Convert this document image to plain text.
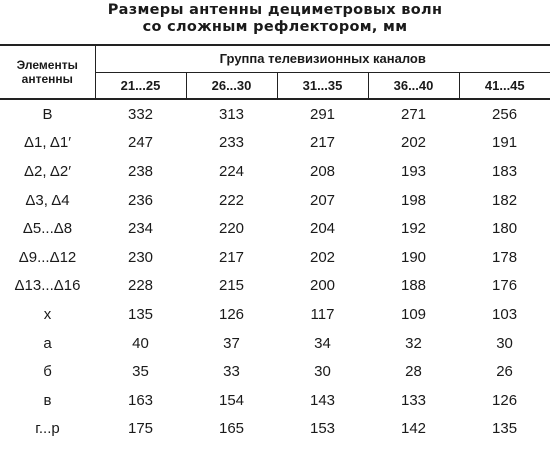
Размеры антенны дециметровых волн
со сложным рефлектором, мм
Элементы антенны	Группа телевизионных каналов				
	21...25	26...30	31...35	36...40	41...45
B	332	313	291	271	256
Δ1, Δ1′	247	233	217	202	191
Δ2, Δ2′	238	224	208	193	183
Δ3, Δ4	236	222	207	198	182
Δ5...Δ8	234	220	204	192	180
Δ9...Δ12	230	217	202	190	178
Δ13...Δ16	228	215	200	188	176
x	135	126	117	109	103
а	40	37	34	32	30
б	35	33	30	28	26
в	163	154	143	133	126
г...р	175	165	153	142	135
